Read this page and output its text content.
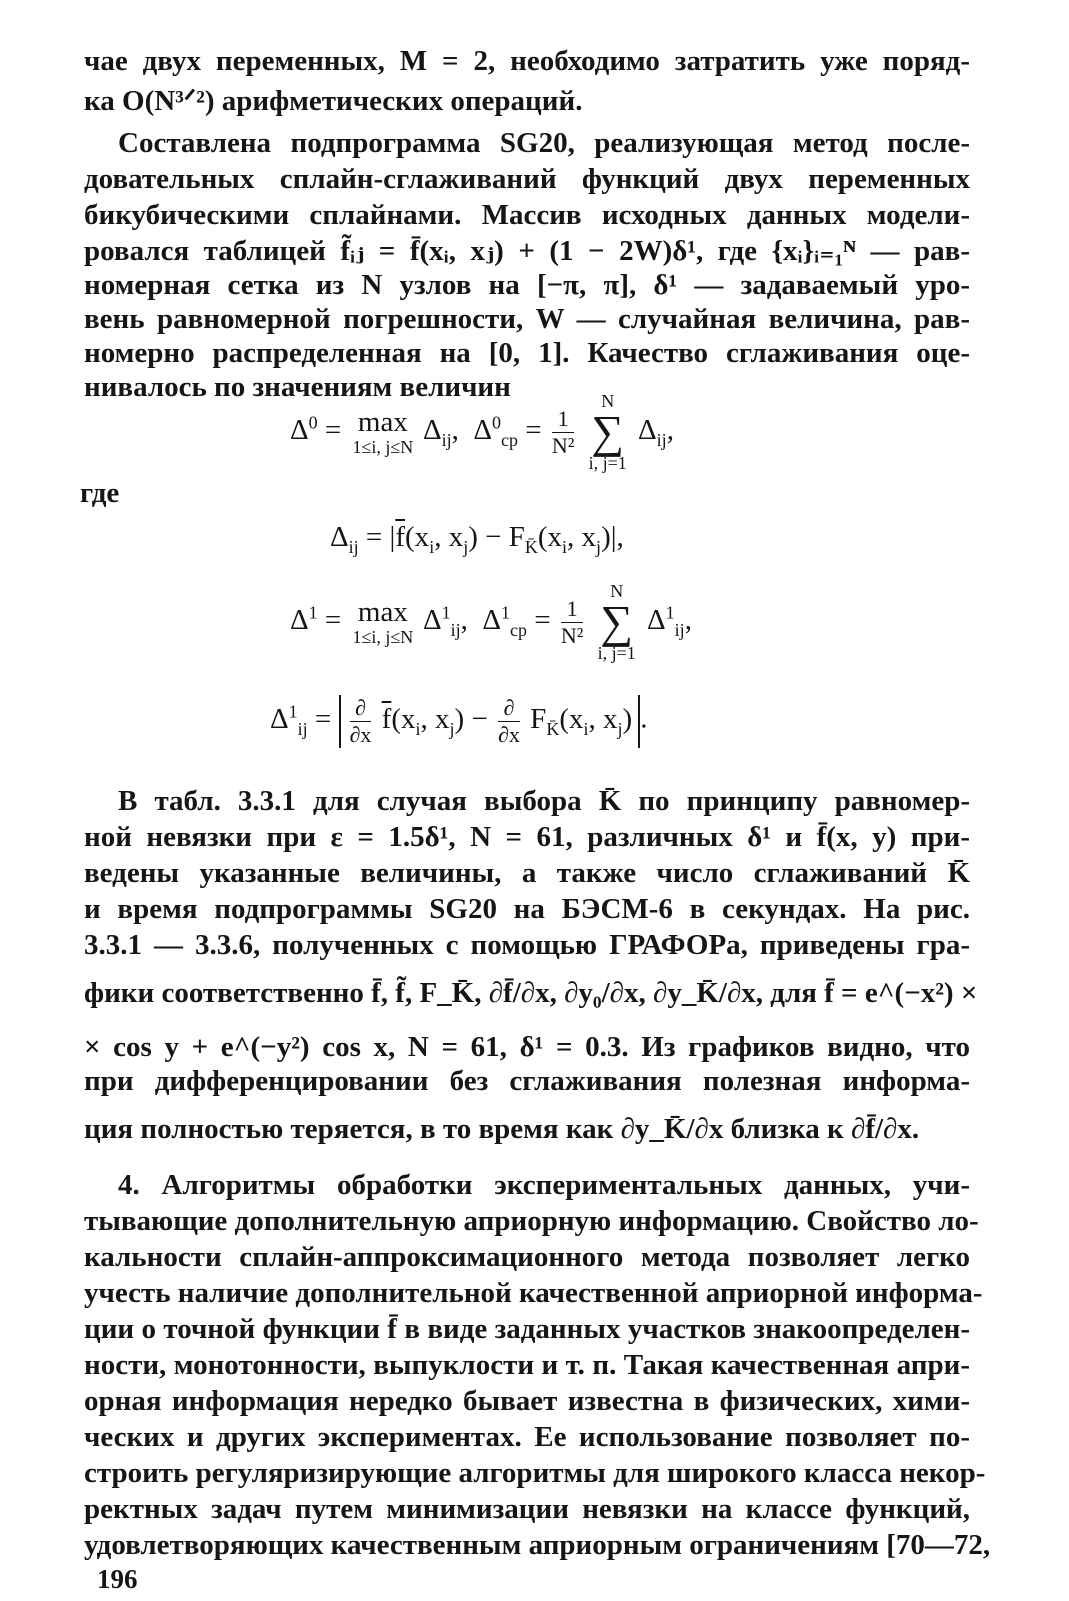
чае двух переменных, M = 2, необходимо затратить уже поряд-
ка O(N³ᐟ²) арифметических операций.
Составлена подпрограмма SG20, реализующая метод после-
довательных сплайн-сглаживаний функций двух переменных
бикубическими сплайнами. Массив исходных данных модели-
ровался таблицей f̃ᵢⱼ = f̄(xᵢ, xⱼ) + (1 − 2W)δ¹, где {xᵢ}ᵢ₌₁ᴺ — рав-
номерная сетка из N узлов на [−π, π], δ¹ — задаваемый уро-
вень равномерной погрешности, W — случайная величина, рав-
номерно распределенная на [0, 1]. Качество сглаживания оце-
нивалось по значениям величин
$\Delta^0 = \max$
1≤i, j≤N
$\Delta_{ij}$,  $\Delta^0_{ср} = \frac{1}{\text{N²}}$

N
∑
i, j=1
$\Delta_{ij}$,
где
$\Delta_{ij} = |\overline{f}(x_i$, $x_j) - F_{K̄}(x_i$, $x_j)|$,
$\Delta^1 = \max$
1≤i, j≤N
$\Delta^1_{ij}$,  $\Delta^1_{ср} = \frac{1}{\text{N²}}$

N
∑
i, j=1
$\Delta^1_{ij}$,
$\Delta^1_{ij} = \frac{\partial}{\partial x} \overline{f}(x_i$, $x_j) - \frac{\partial}{\partial x} F_{K̄}(x_i$, $x_j$) .
В табл. 3.3.1 для случая выбора K̄ по принципу равномер-
ной невязки при ε = 1.5δ¹, N = 61, различных δ¹ и f̄(x, y) при-
ведены указанные величины, а также число сглаживаний K̄
и время подпрограммы SG20 на БЭСМ-6 в секундах. На рис.
3.3.1 — 3.3.6, полученных с помощью ГРАФОРа, приведены гра-
фики соответственно f̄, f̃, F_K̄, ∂f̄/∂x, ∂y₀/∂x, ∂y_K̄/∂x, для f̄ = e^(−x²) ×
× cos y + e^(−y²) cos x, N = 61, δ¹ = 0.3. Из графиков видно, что
при дифференцировании без сглаживания полезная информа-
ция полностью теряется, в то время как ∂y_K̄/∂x близка к ∂f̄/∂x.
4. Алгоритмы обработки экспериментальных данных, учи-
тывающие дополнительную априорную информацию. Свойство ло-
кальности сплайн-аппроксимационного метода позволяет легко
учесть наличие дополнительной качественной априорной информа-
ции о точной функции f̄ в виде заданных участков знакоопределен-
ности, монотонности, выпуклости и т. п. Такая качественная апри-
орная информация нередко бывает известна в физических, хими-
ческих и других экспериментах. Ее использование позволяет по-
строить регуляризирующие алгоритмы для широкого класса некор-
ректных задач путем минимизации невязки на классе функций,
удовлетворяющих качественным априорным ограничениям [70—72,
196
